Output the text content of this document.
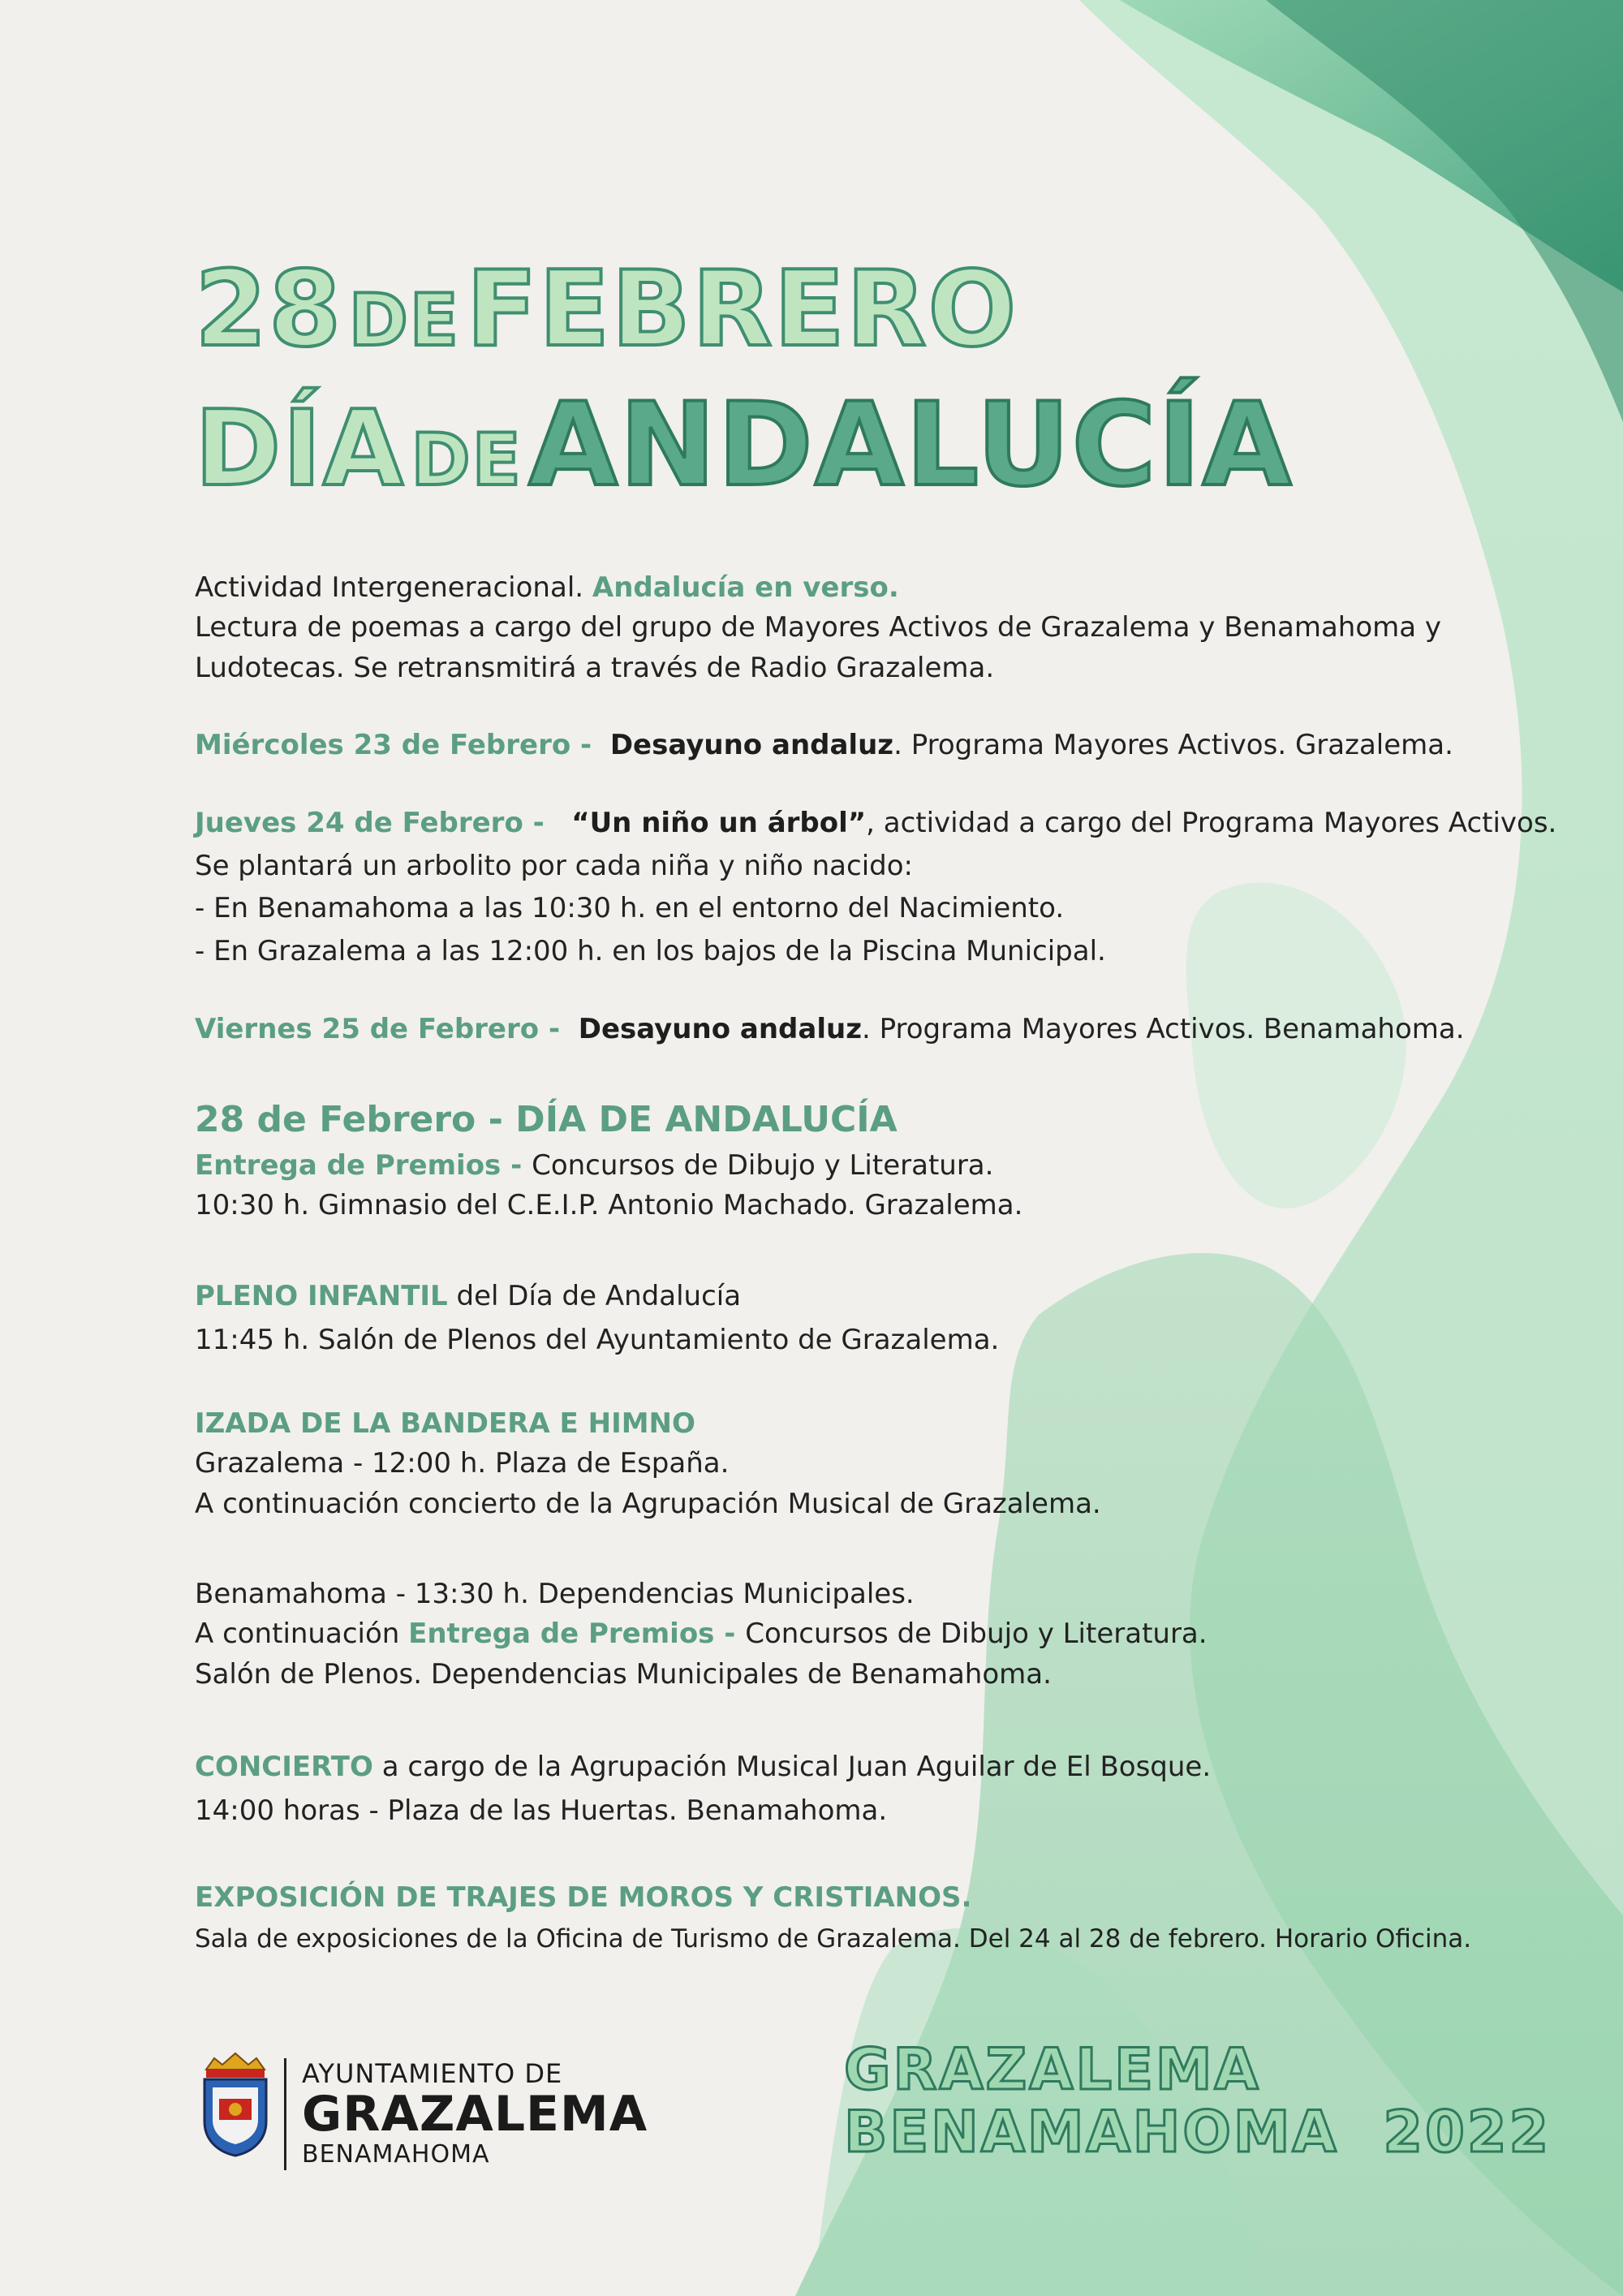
28 DE FEBRERO
DÍA DE ANDALUCÍA
Actividad Intergeneracional. Andalucía en verso.
Lectura de poemas a cargo del grupo de Mayores Activos de Grazalema y Benamahoma y
Ludotecas. Se retransmitirá a través de Radio Grazalema.
Miércoles 23 de Febrero -  Desayuno andaluz. Programa Mayores Activos. Grazalema.
Jueves 24 de Febrero -   “Un niño un árbol”, actividad a cargo del Programa Mayores Activos.
Se plantará un arbolito por cada niña y niño nacido:
- En Benamahoma a las 10:30 h. en el entorno del Nacimiento.
- En Grazalema a las 12:00 h. en los bajos de la Piscina Municipal.
Viernes 25 de Febrero -  Desayuno andaluz. Programa Mayores Activos. Benamahoma.
28 de Febrero - DÍA DE ANDALUCÍA
Entrega de Premios - Concursos de Dibujo y Literatura.
10:30 h. Gimnasio del C.E.I.P. Antonio Machado. Grazalema.
PLENO INFANTIL del Día de Andalucía
11:45 h. Salón de Plenos del Ayuntamiento de Grazalema.
IZADA DE LA BANDERA E HIMNO
Grazalema - 12:00 h. Plaza de España.
A continuación concierto de la Agrupación Musical de Grazalema.
Benamahoma - 13:30 h. Dependencias Municipales.
A continuación Entrega de Premios - Concursos de Dibujo y Literatura.
Salón de Plenos. Dependencias Municipales de Benamahoma.
CONCIERTO a cargo de la Agrupación Musical Juan Aguilar de El Bosque.
14:00 horas - Plaza de las Huertas. Benamahoma.
EXPOSICIÓN DE TRAJES DE MOROS Y CRISTIANOS.
Sala de exposiciones de la Oficina de Turismo de Grazalema. Del 24 al 28 de febrero. Horario Oficina.
AYUNTAMIENTO DE
GRAZALEMA
BENAMAHOMA
GRAZALEMA
BENAMAHOMA  2022
